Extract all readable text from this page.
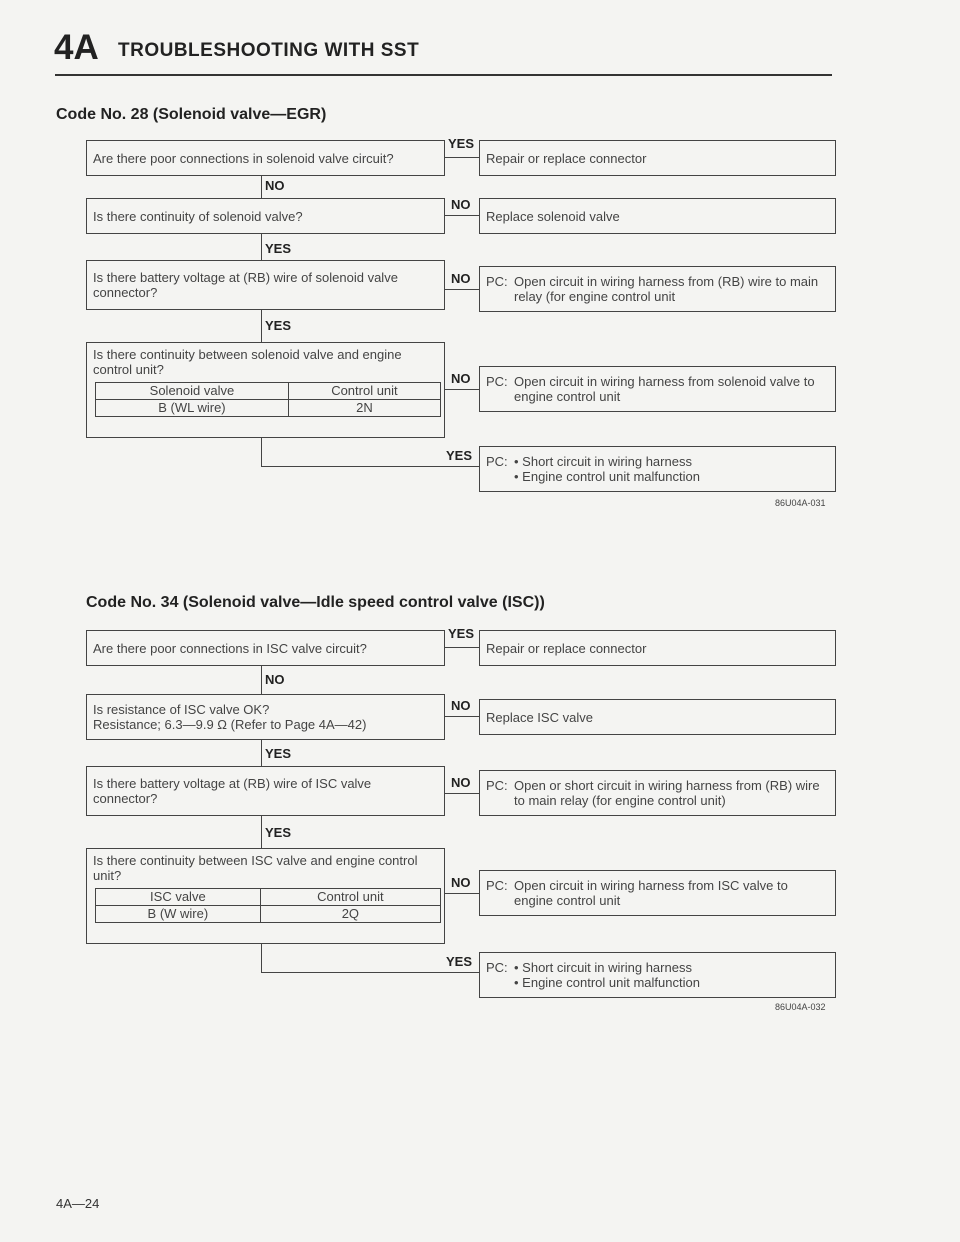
4A TROUBLESHOOTING WITH SST
Code No. 28 (Solenoid valve—EGR)
Are there poor connections in solenoid valve circuit?
YES
Repair or replace connector
NO
Is there continuity of solenoid valve?
NO
Replace solenoid valve
YES
Is there battery voltage at (RB) wire of solenoid valve connector?
NO PC: Open circuit in wiring harness from (RB) wire to main relay (for engine control unit
YES
Is there continuity between solenoid valve and engine control unit?
Solenoid valve	Control unit
B (WL wire)	2N
NO PC: Open circuit in wiring harness from solenoid valve to engine control unit
YES PC: • Short circuit in wiring harness
• Engine control unit malfunction
86U04A-031
Code No. 34 (Solenoid valve—Idle speed control valve (ISC))
Are there poor connections in ISC valve circuit?
YES
Repair or replace connector
NO
Is resistance of ISC valve OK?
Resistance; 6.3—9.9 Ω (Refer to Page 4A—42)
NO
Replace ISC valve
YES
Is there battery voltage at (RB) wire of ISC valve connector?
NO PC: Open or short circuit in wiring harness from (RB) wire to main relay (for engine control unit)
YES
Is there continuity between ISC valve and engine control unit?
ISC valve	Control unit
B (W wire)	2Q
NO PC: Open circuit in wiring harness from ISC valve to engine control unit
YES PC: • Short circuit in wiring harness
• Engine control unit malfunction
86U04A-032
4A—24
